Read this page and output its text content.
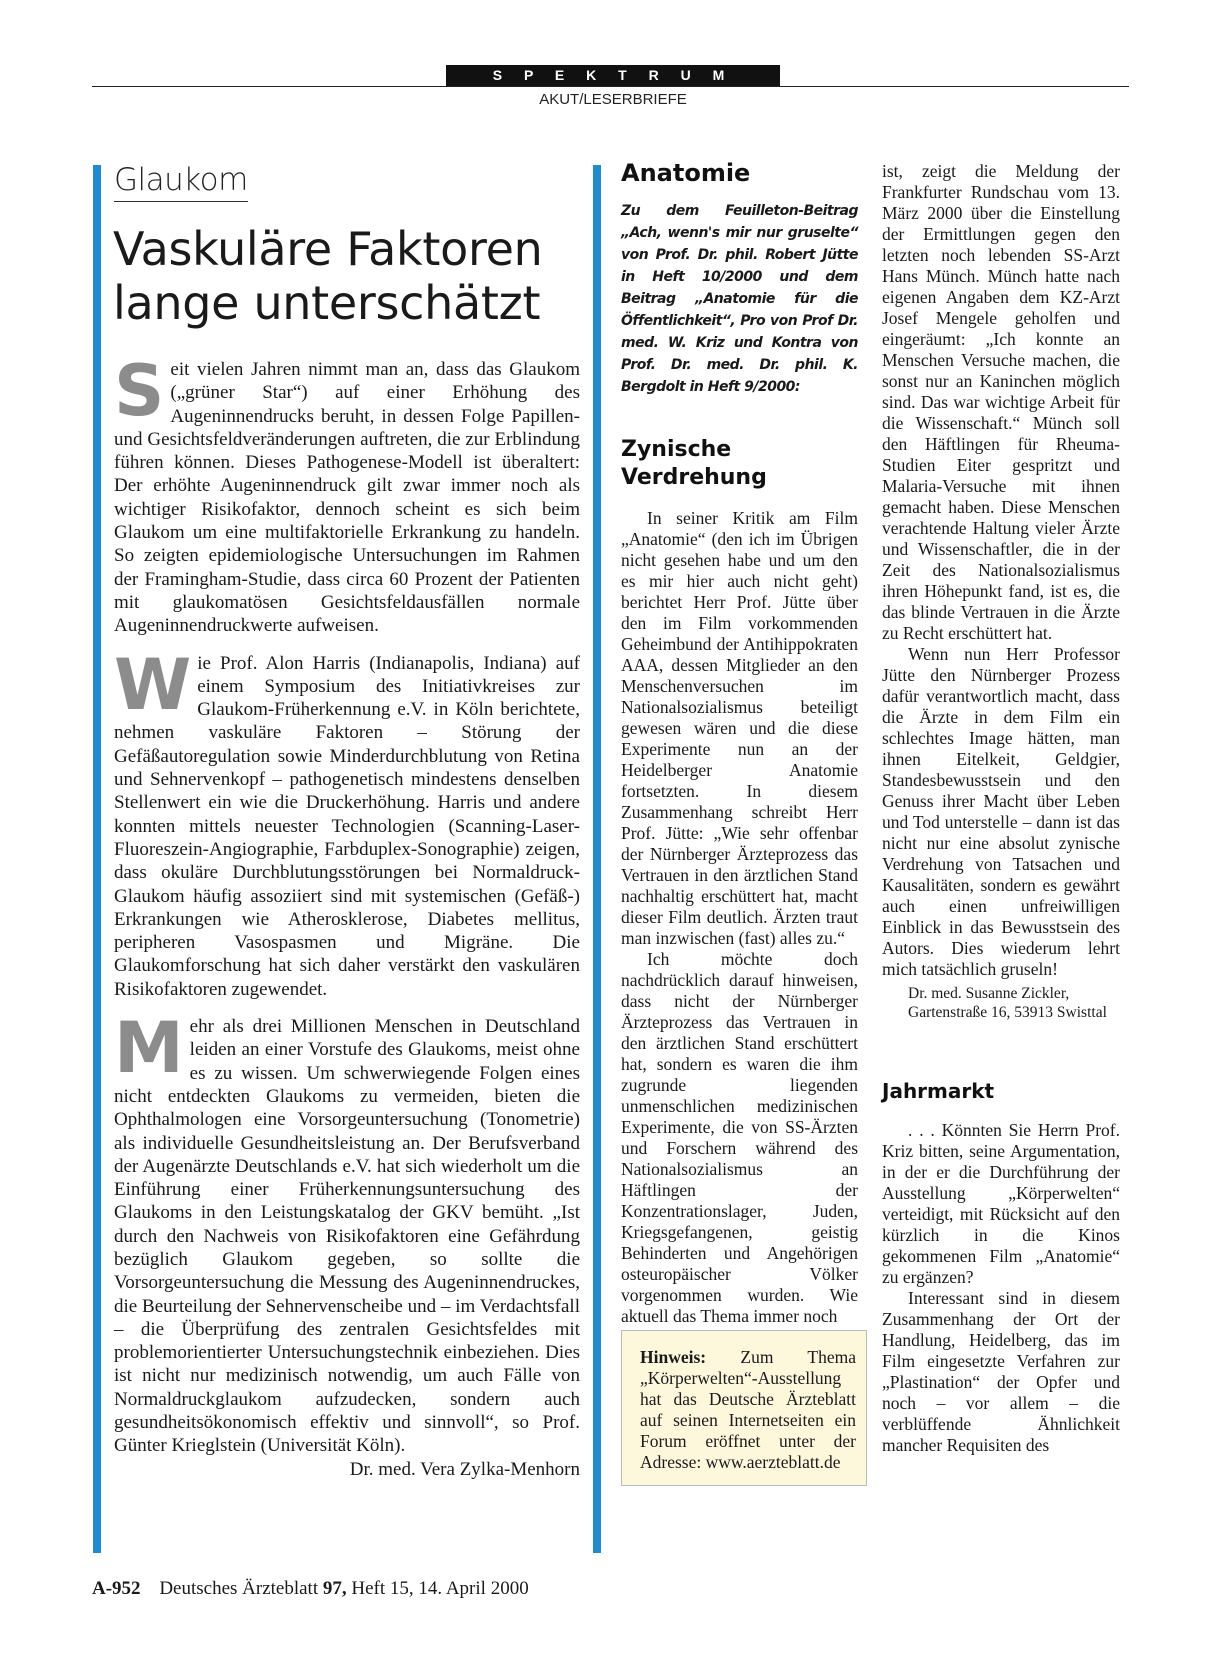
S P E K T R U M
AKUT/LESERBRIEFE
Glaukom
Vaskuläre Faktoren lange unterschätzt

Seit vielen Jahren nimmt man an, dass das Glaukom („grüner Star“) auf einer Erhöhung des Augeninnendrucks beruht, in dessen Folge Papillen- und Gesichtsfeldveränderungen auftreten, die zur Erblindung führen können. Dieses Pathogenese-Modell ist überaltert: Der erhöhte Augeninnendruck gilt zwar immer noch als wichtiger Risikofaktor, dennoch scheint es sich beim Glaukom um eine multifaktorielle Erkrankung zu handeln. So zeigten epidemiologische Untersuchungen im Rahmen der Framingham-Studie, dass circa 60 Prozent der Patienten mit glaukomatösen Gesichtsfeldausfällen normale Augeninnendruckwerte aufweisen.

Wie Prof. Alon Harris (Indianapolis, Indiana) auf einem Symposium des Initiativkreises zur Glaukom-Früherkennung e.V. in Köln berichtete, nehmen vaskuläre Faktoren – Störung der Gefäßautoregulation sowie Minderdurchblutung von Retina und Sehnervenkopf – pathogenetisch mindestens denselben Stellenwert ein wie die Druckerhöhung. Harris und andere konnten mittels neuester Technologien (Scanning-Laser-Fluoreszein-Angiographie, Farbduplex-Sonographie) zeigen, dass okuläre Durchblutungsstörungen bei Normaldruck-Glaukom häufig assoziiert sind mit systemischen (Gefäß-) Erkrankungen wie Atherosklerose, Diabetes mellitus, peripheren Vasospasmen und Migräne. Die Glaukomforschung hat sich daher verstärkt den vaskulären Risikofaktoren zugewendet.

Mehr als drei Millionen Menschen in Deutschland leiden an einer Vorstufe des Glaukoms, meist ohne es zu wissen. Um schwerwiegende Folgen eines nicht entdeckten Glaukoms zu vermeiden, bieten die Ophthalmologen eine Vorsorgeuntersuchung (Tonometrie) als individuelle Gesundheitsleistung an. Der Berufsverband der Augenärzte Deutschlands e.V. hat sich wiederholt um die Einführung einer Früherkennungsuntersuchung des Glaukoms in den Leistungskatalog der GKV bemüht. „Ist durch den Nachweis von Risikofaktoren eine Gefährdung bezüglich Glaukom gegeben, so sollte die Vorsorgeuntersuchung die Messung des Augeninnendruckes, die Beurteilung der Sehnervenscheibe und – im Verdachtsfall – die Überprüfung des zentralen Gesichtsfeldes mit problemorientierter Untersuchungstechnik einbeziehen. Dies ist nicht nur medizinisch notwendig, um auch Fälle von Normaldruckglaukom aufzudecken, sondern auch gesundheitsökonomisch effektiv und sinnvoll“, so Prof. Günter Krieglstein (Universität Köln).
Dr. med. Vera Zylka-Menhorn

Anatomie

Zu dem Feuilleton-Beitrag „Ach, wenn's mir nur gruselte“ von Prof. Dr. phil. Robert Jütte in Heft 10/2000 und dem Beitrag „Anatomie für die Öffentlichkeit“, Pro von Prof Dr. med. W. Kriz und Kontra von Prof. Dr. med. Dr. phil. K. Bergdolt in Heft 9/2000:

Zynische Verdrehung

In seiner Kritik am Film „Anatomie“ (den ich im Übrigen nicht gesehen habe und um den es mir hier auch nicht geht) berichtet Herr Prof. Jütte über den im Film vorkommenden Geheimbund der Antihippokraten AAA, dessen Mitglieder an den Menschenversuchen im Nationalsozialismus beteiligt gewesen wären und die diese Experimente nun an der Heidelberger Anatomie fortsetzten. In diesem Zusammenhang schreibt Herr Prof. Jütte: „Wie sehr offenbar der Nürnberger Ärzteprozess das Vertrauen in den ärztlichen Stand nachhaltig erschüttert hat, macht dieser Film deutlich. Ärzten traut man inzwischen (fast) alles zu.“

Ich möchte doch nachdrücklich darauf hinweisen, dass nicht der Nürnberger Ärzteprozess das Vertrauen in den ärztlichen Stand erschüttert hat, sondern es waren die ihm zugrunde liegenden unmenschlichen medizinischen Experimente, die von SS-Ärzten und Forschern während des Nationalsozialismus an Häftlingen der Konzentrationslager, Juden, Kriegsgefangenen, geistig Behinderten und Angehörigen osteuropäischer Völker vorgenommen wurden. Wie aktuell das Thema immer noch

Hinweis: Zum Thema „Körperwelten“-Ausstellung hat das Deutsche Ärzteblatt auf seinen Internetseiten ein Forum eröffnet unter der Adresse: www.aerzteblatt.de

ist, zeigt die Meldung der Frankfurter Rundschau vom 13. März 2000 über die Einstellung der Ermittlungen gegen den letzten noch lebenden SS-Arzt Hans Münch. Münch hatte nach eigenen Angaben dem KZ-Arzt Josef Mengele geholfen und eingeräumt: „Ich konnte an Menschen Versuche machen, die sonst nur an Kaninchen möglich sind. Das war wichtige Arbeit für die Wissenschaft.“ Münch soll den Häftlingen für Rheuma-Studien Eiter gespritzt und Malaria-Versuche mit ihnen gemacht haben. Diese Menschen verachtende Haltung vieler Ärzte und Wissenschaftler, die in der Zeit des Nationalsozialismus ihren Höhepunkt fand, ist es, die das blinde Vertrauen in die Ärzte zu Recht erschüttert hat.

Wenn nun Herr Professor Jütte den Nürnberger Prozess dafür verantwortlich macht, dass die Ärzte in dem Film ein schlechtes Image hätten, man ihnen Eitelkeit, Geldgier, Standesbewusstsein und den Genuss ihrer Macht über Leben und Tod unterstelle – dann ist das nicht nur eine absolut zynische Verdrehung von Tatsachen und Kausalitäten, sondern es gewährt auch einen unfreiwilligen Einblick in das Bewusstsein des Autors. Dies wiederum lehrt mich tatsächlich gruseln!

Dr. med. Susanne Zickler,
Gartenstraße 16, 53913 Swisttal
Jahrmarkt

. . . Könnten Sie Herrn Prof. Kriz bitten, seine Argumentation, in der er die Durchführung der Ausstellung „Körperwelten“ verteidigt, mit Rücksicht auf den kürzlich in die Kinos gekommenen Film „Anatomie“ zu ergänzen?

Interessant sind in diesem Zusammenhang der Ort der Handlung, Heidelberg, das im Film eingesetzte Verfahren zur „Plastination“ der Opfer und noch – vor allem – die verblüffende Ähnlichkeit mancher Requisiten des

A-952 Deutsches Ärzteblatt 97, Heft 15, 14. April 2000
